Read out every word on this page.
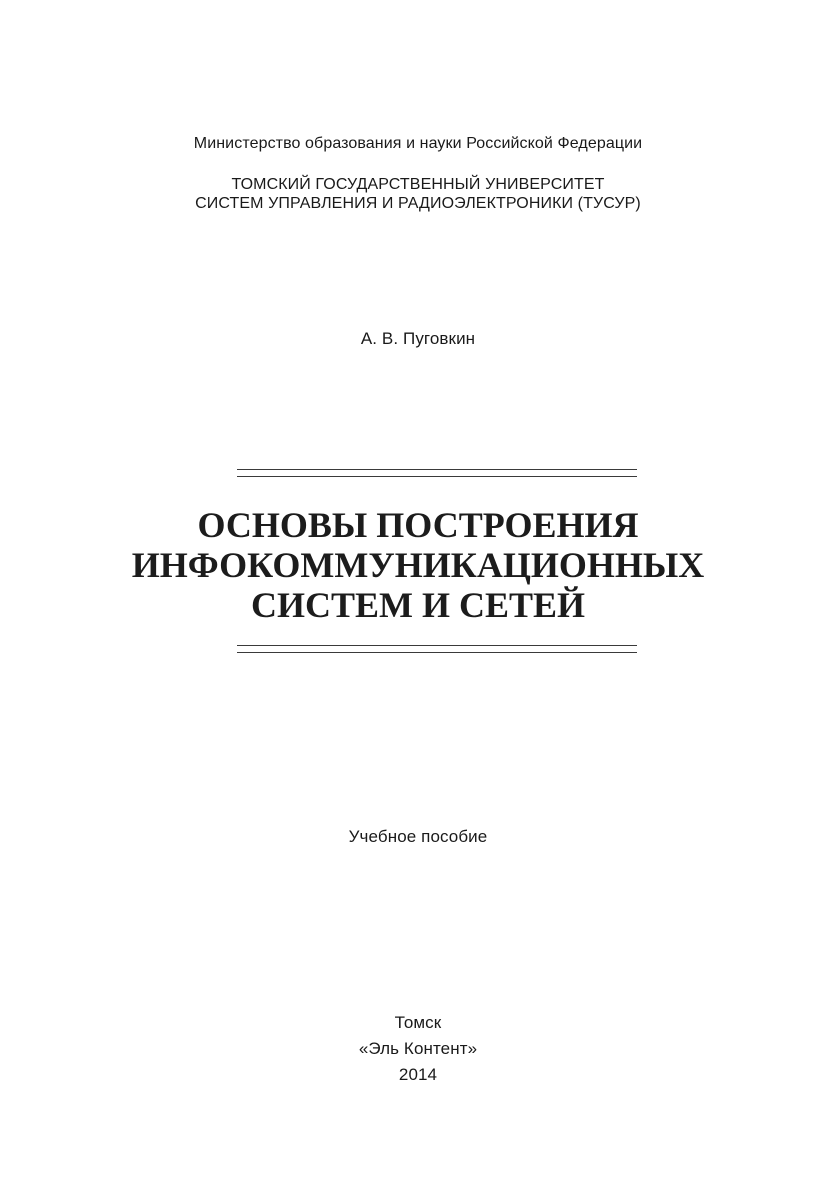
Министерство образования и науки Российской Федерации
ТОМСКИЙ ГОСУДАРСТВЕННЫЙ УНИВЕРСИТЕТ
СИСТЕМ УПРАВЛЕНИЯ И РАДИОЭЛЕКТРОНИКИ (ТУСУР)
А. В. Пуговкин
ОСНОВЫ ПОСТРОЕНИЯ
ИНФОКОММУНИКАЦИОННЫХ
СИСТЕМ И СЕТЕЙ
Учебное пособие
Томск
«Эль Контент»
2014
